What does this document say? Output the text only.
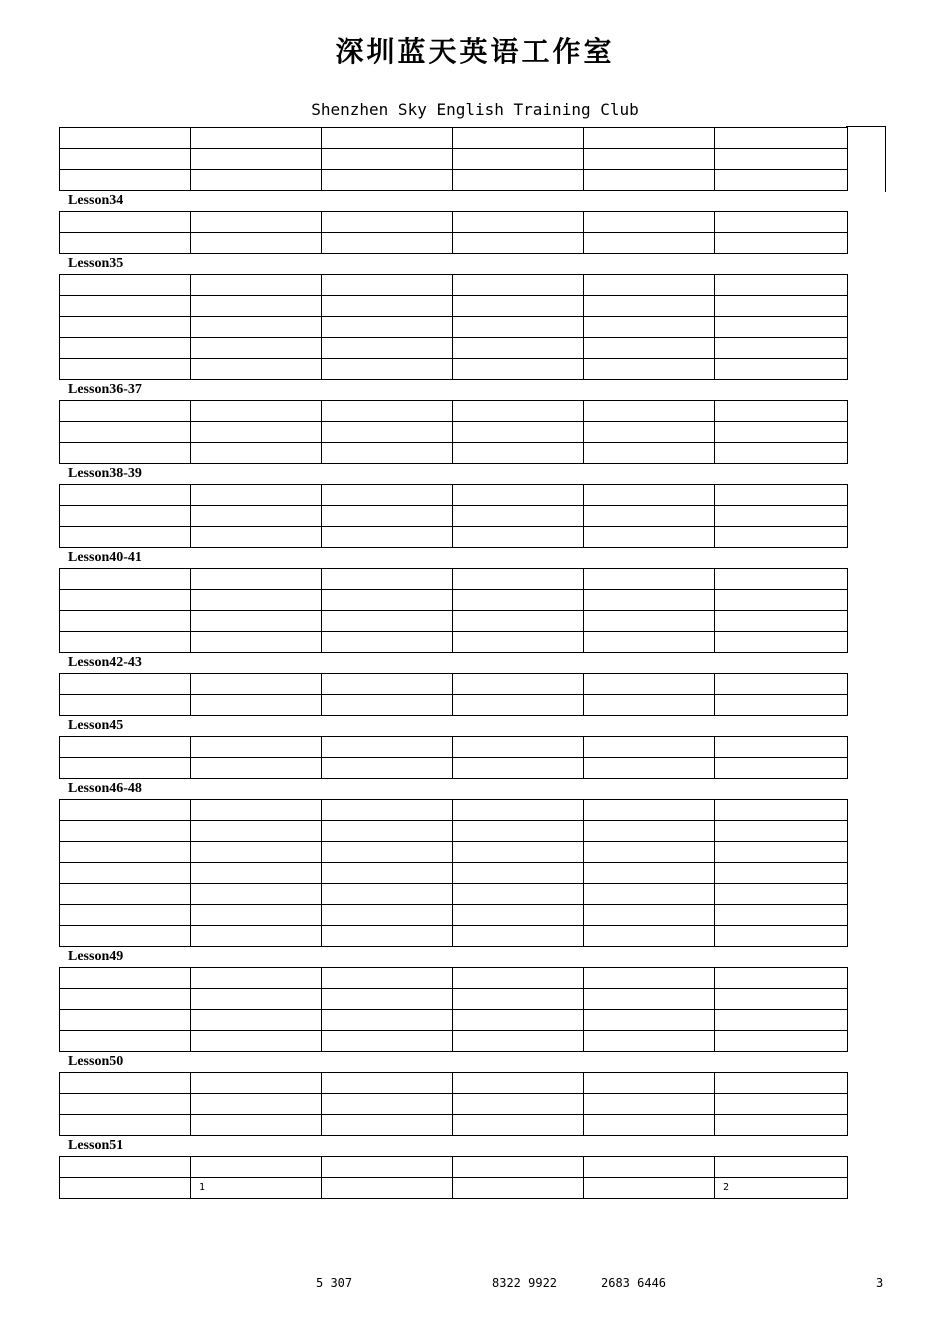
深圳蓝天英语工作室
Shenzhen Sky English Training Club

Lesson34

Lesson35

Lesson36-37

Lesson38-39

Lesson40-41

Lesson42-43

Lesson45

Lesson46-48

Lesson49

Lesson50

Lesson51

	1				2
5 307	8322 9922	2683 6446	3
